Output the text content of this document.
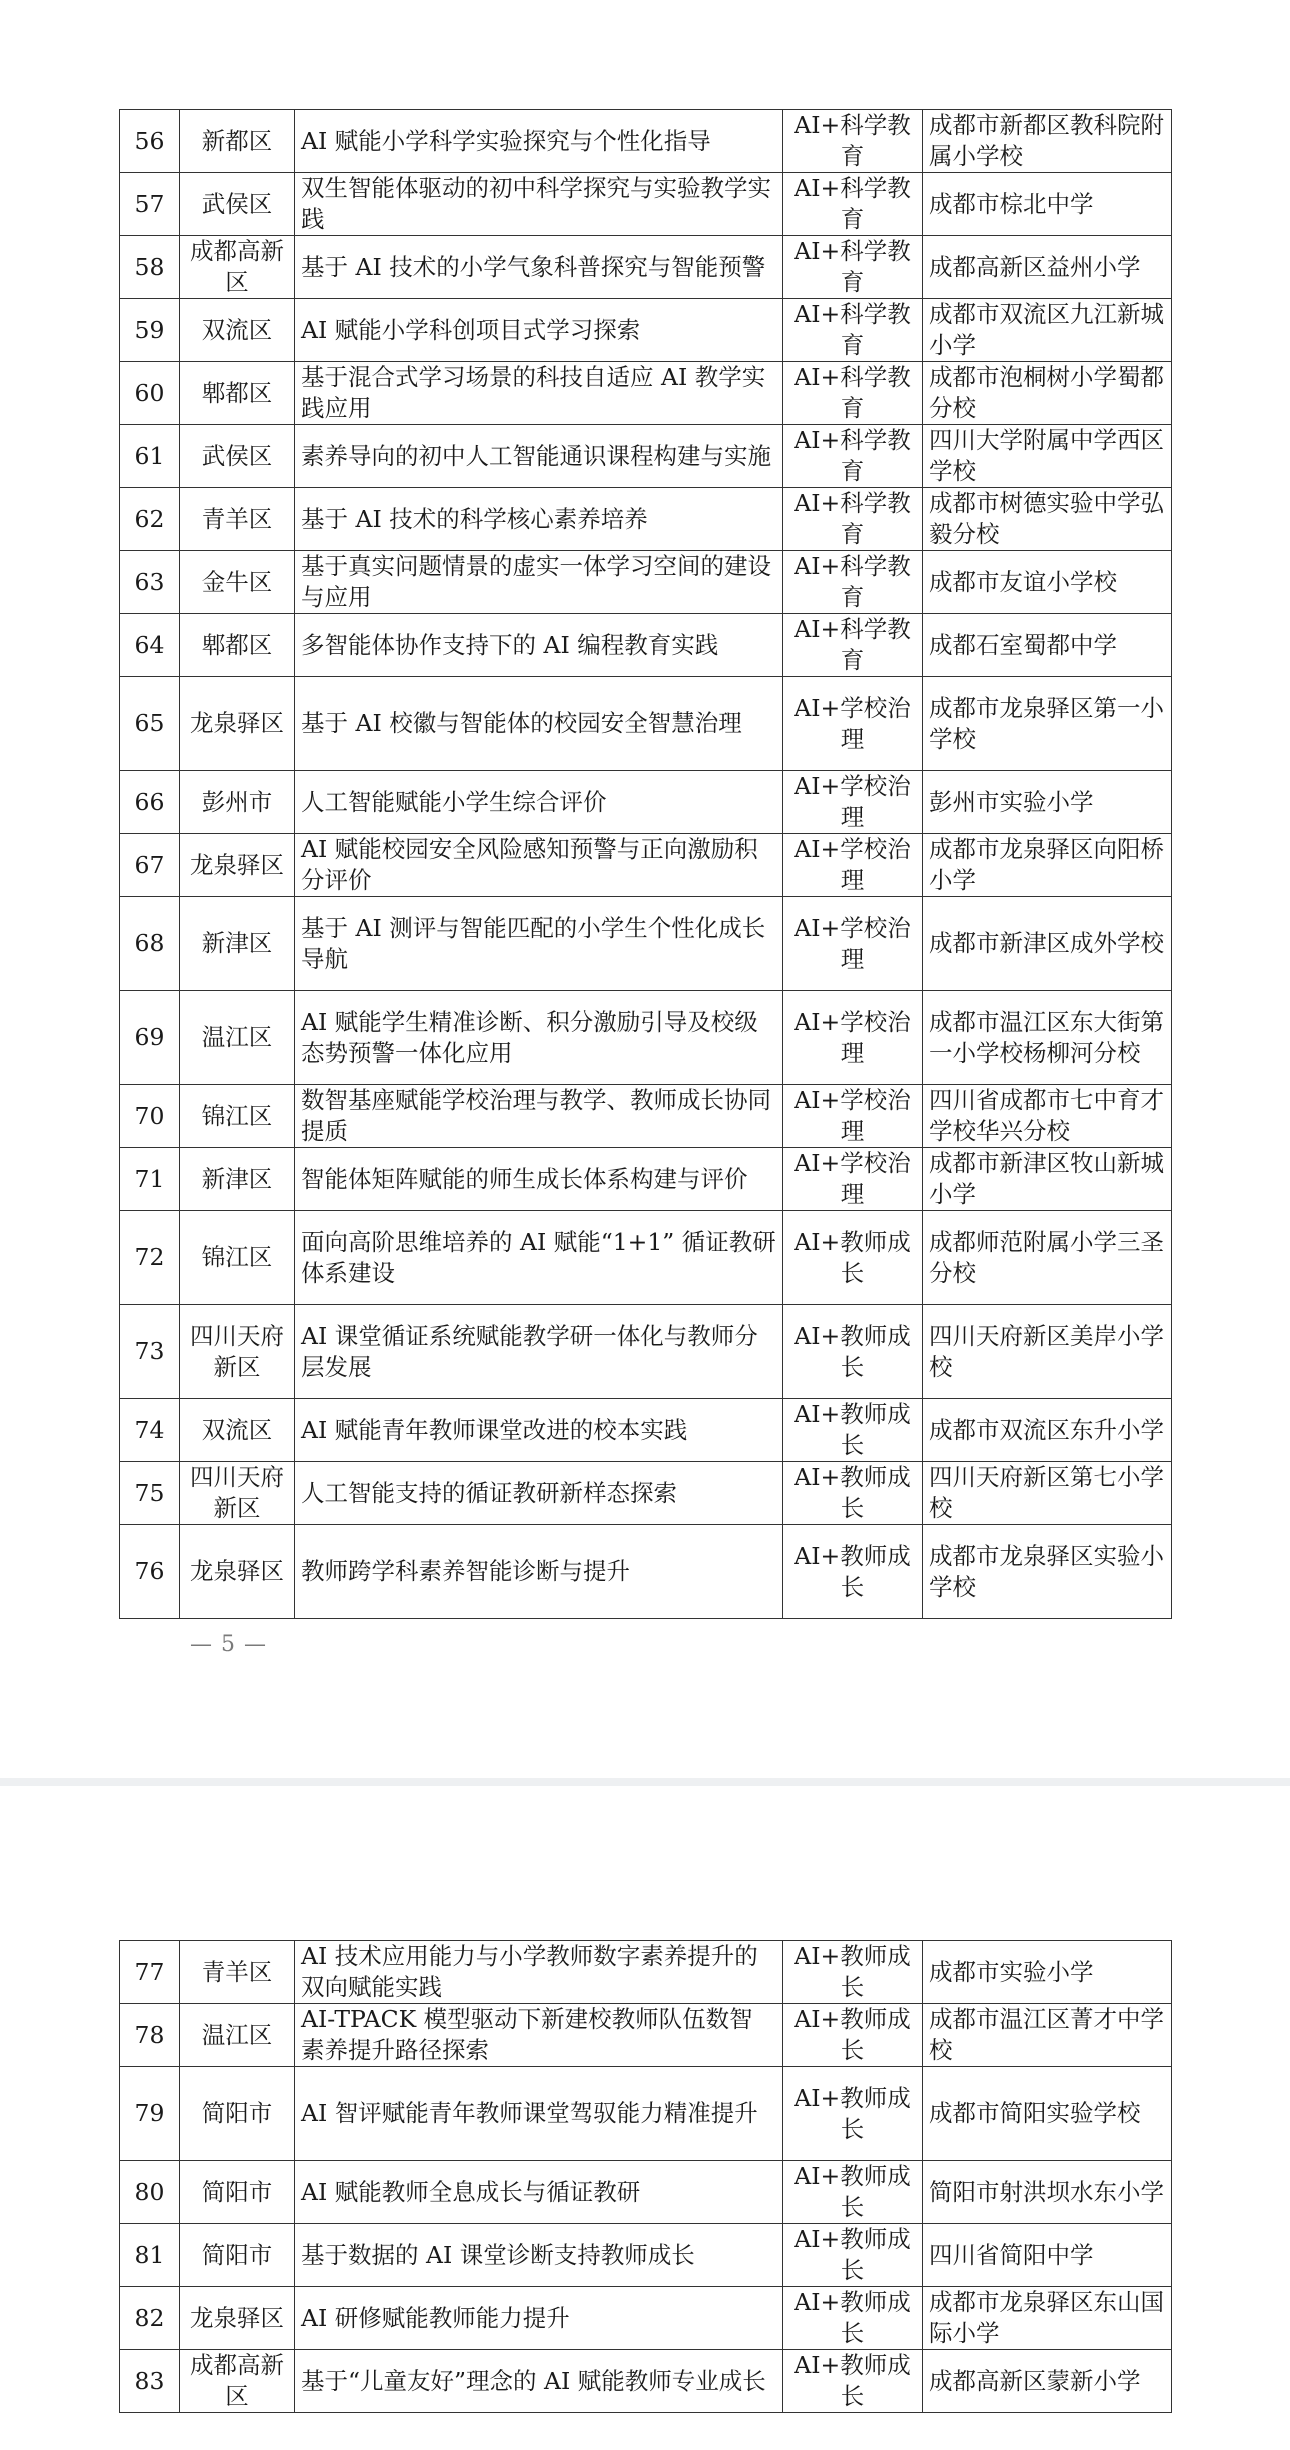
56	新都区	AI 赋能小学科学实验探究与个性化指导	AI+科学教育	成都市新都区教科院附属小学校
57	武侯区	双生智能体驱动的初中科学探究与实验教学实践	AI+科学教育	成都市棕北中学
58	成都高新区	基于 AI 技术的小学气象科普探究与智能预警	AI+科学教育	成都高新区益州小学
59	双流区	AI 赋能小学科创项目式学习探索	AI+科学教育	成都市双流区九江新城小学
60	郫都区	基于混合式学习场景的科技自适应 AI 教学实践应用	AI+科学教育	成都市泡桐树小学蜀都分校
61	武侯区	素养导向的初中人工智能通识课程构建与实施	AI+科学教育	四川大学附属中学西区学校
62	青羊区	基于 AI 技术的科学核心素养培养	AI+科学教育	成都市树德实验中学弘毅分校
63	金牛区	基于真实问题情景的虚实一体学习空间的建设与应用	AI+科学教育	成都市友谊小学校
64	郫都区	多智能体协作支持下的 AI 编程教育实践	AI+科学教育	成都石室蜀都中学
65	龙泉驿区	基于 AI 校徽与智能体的校园安全智慧治理	AI+学校治理	成都市龙泉驿区第一小学校
66	彭州市	人工智能赋能小学生综合评价	AI+学校治理	彭州市实验小学
67	龙泉驿区	AI 赋能校园安全风险感知预警与正向激励积分评价	AI+学校治理	成都市龙泉驿区向阳桥小学
68	新津区	基于 AI 测评与智能匹配的小学生个性化成长导航	AI+学校治理	成都市新津区成外学校
69	温江区	AI 赋能学生精准诊断、积分激励引导及校级态势预警一体化应用	AI+学校治理	成都市温江区东大街第一小学校杨柳河分校
70	锦江区	数智基座赋能学校治理与教学、教师成长协同提质	AI+学校治理	四川省成都市七中育才学校华兴分校
71	新津区	智能体矩阵赋能的师生成长体系构建与评价	AI+学校治理	成都市新津区牧山新城小学
72	锦江区	面向高阶思维培养的 AI 赋能“1+1” 循证教研体系建设	AI+教师成长	成都师范附属小学三圣分校
73	四川天府新区	AI 课堂循证系统赋能教学研一体化与教师分层发展	AI+教师成长	四川天府新区美岸小学校
74	双流区	AI 赋能青年教师课堂改进的校本实践	AI+教师成长	成都市双流区东升小学
75	四川天府新区	人工智能支持的循证教研新样态探索	AI+教师成长	四川天府新区第七小学校
76	龙泉驿区	教师跨学科素养智能诊断与提升	AI+教师成长	成都市龙泉驿区实验小学校
— 5 —
77	青羊区	AI 技术应用能力与小学教师数字素养提升的双向赋能实践	AI+教师成长	成都市实验小学
78	温江区	AI-TPACK 模型驱动下新建校教师队伍数智素养提升路径探索	AI+教师成长	成都市温江区菁才中学校
79	简阳市	AI 智评赋能青年教师课堂驾驭能力精准提升	AI+教师成长	成都市简阳实验学校
80	简阳市	AI 赋能教师全息成长与循证教研	AI+教师成长	简阳市射洪坝水东小学
81	简阳市	基于数据的 AI 课堂诊断支持教师成长	AI+教师成长	四川省简阳中学
82	龙泉驿区	AI 研修赋能教师能力提升	AI+教师成长	成都市龙泉驿区东山国际小学
83	成都高新区	基于“儿童友好”理念的 AI 赋能教师专业成长	AI+教师成长	成都高新区蒙新小学
